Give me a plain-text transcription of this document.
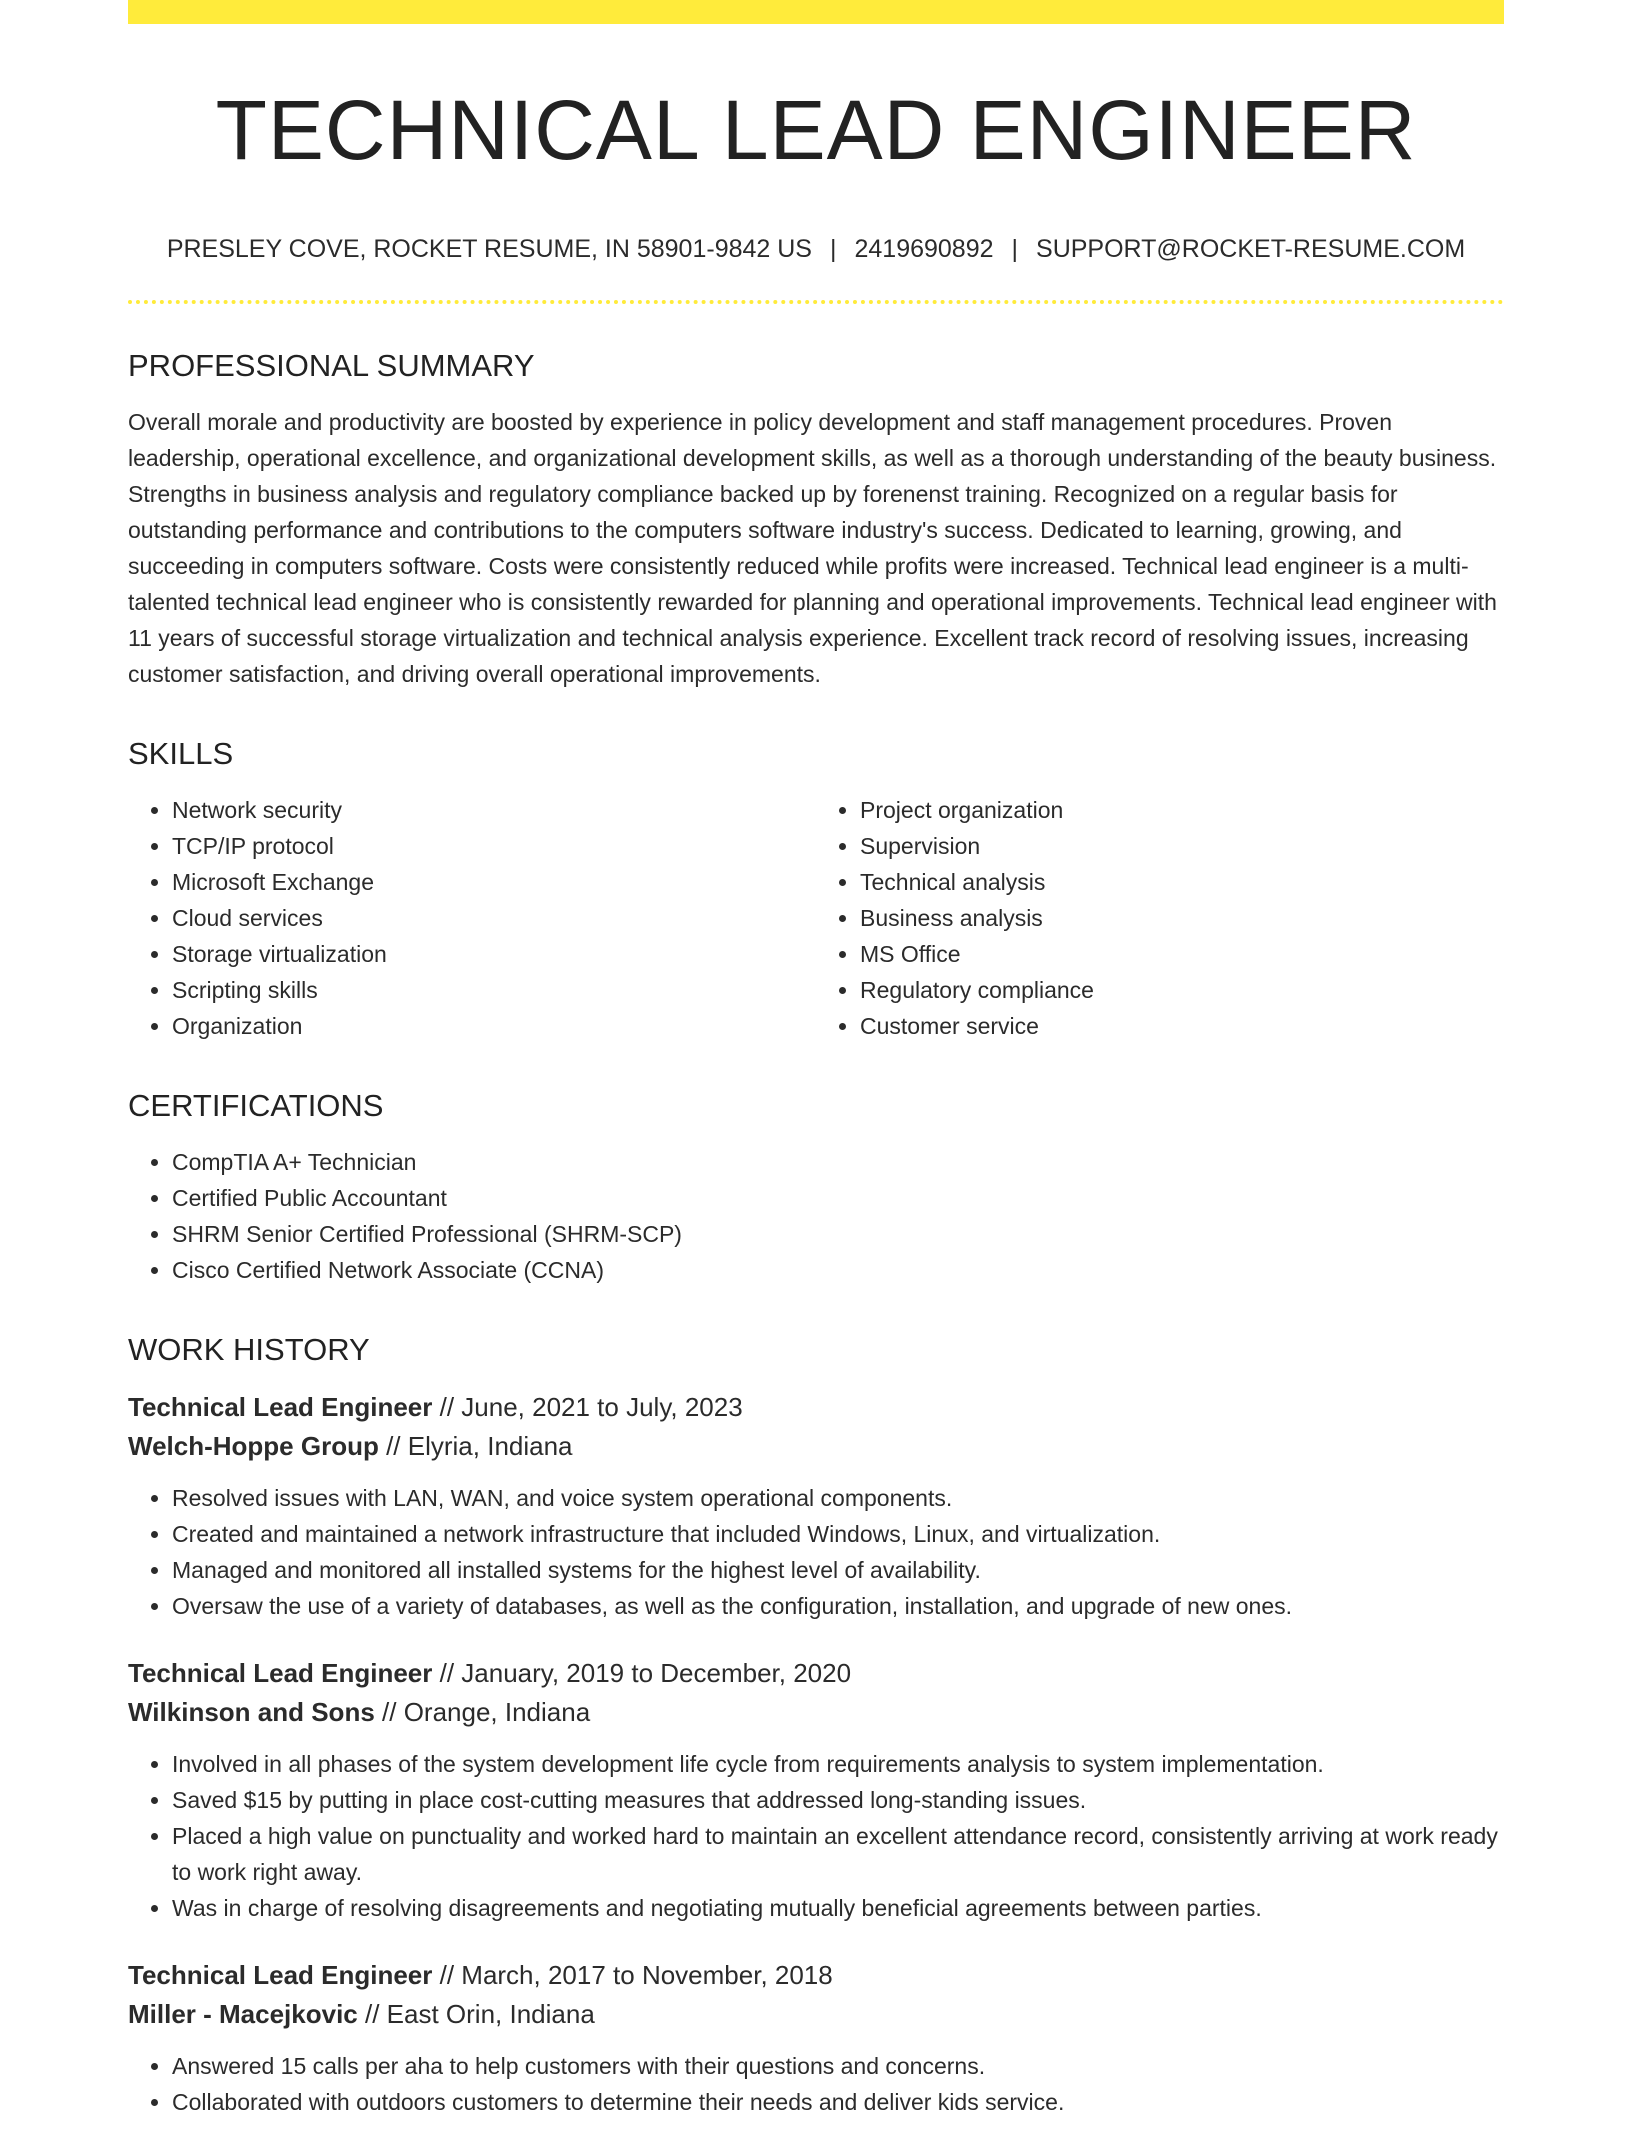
TECHNICAL LEAD ENGINEER
PRESLEY COVE, ROCKET RESUME, IN 58901-9842 US | 2419690892 | SUPPORT@ROCKET-RESUME.COM
PROFESSIONAL SUMMARY

Overall morale and productivity are boosted by experience in policy development and staff management procedures. Proven leadership, operational excellence, and organizational development skills, as well as a thorough understanding of the beauty business. Strengths in business analysis and regulatory compliance backed up by forenenst training. Recognized on a regular basis for outstanding performance and contributions to the computers software industry's success. Dedicated to learning, growing, and succeeding in computers software. Costs were consistently reduced while profits were increased. Technical lead engineer is a multi-talented technical lead engineer who is consistently rewarded for planning and operational improvements. Technical lead engineer with 11 years of successful storage virtualization and technical analysis experience. Excellent track record of resolving issues, increasing customer satisfaction, and driving overall operational improvements.

SKILLS
• Network security
• TCP/IP protocol
• Microsoft Exchange
• Cloud services
• Storage virtualization
• Scripting skills
• Organization
• Project organization
• Supervision
• Technical analysis
• Business analysis
• MS Office
• Regulatory compliance
• Customer service
CERTIFICATIONS
• CompTIA A+ Technician
• Certified Public Accountant
• SHRM Senior Certified Professional (SHRM-SCP)
• Cisco Certified Network Associate (CCNA)
WORK HISTORY
Technical Lead Engineer // June, 2021 to July, 2023
Welch-Hoppe Group // Elyria, Indiana
• Resolved issues with LAN, WAN, and voice system operational components.
• Created and maintained a network infrastructure that included Windows, Linux, and virtualization.
• Managed and monitored all installed systems for the highest level of availability.
• Oversaw the use of a variety of databases, as well as the configuration, installation, and upgrade of new ones.
Technical Lead Engineer // January, 2019 to December, 2020
Wilkinson and Sons // Orange, Indiana
• Involved in all phases of the system development life cycle from requirements analysis to system implementation.
• Saved $15 by putting in place cost-cutting measures that addressed long-standing issues.
• Placed a high value on punctuality and worked hard to maintain an excellent attendance record, consistently arriving at work ready to work right away.
• Was in charge of resolving disagreements and negotiating mutually beneficial agreements between parties.
Technical Lead Engineer // March, 2017 to November, 2018
Miller - Macejkovic // East Orin, Indiana
• Answered 15 calls per aha to help customers with their questions and concerns.
• Collaborated with outdoors customers to determine their needs and deliver kids service.
